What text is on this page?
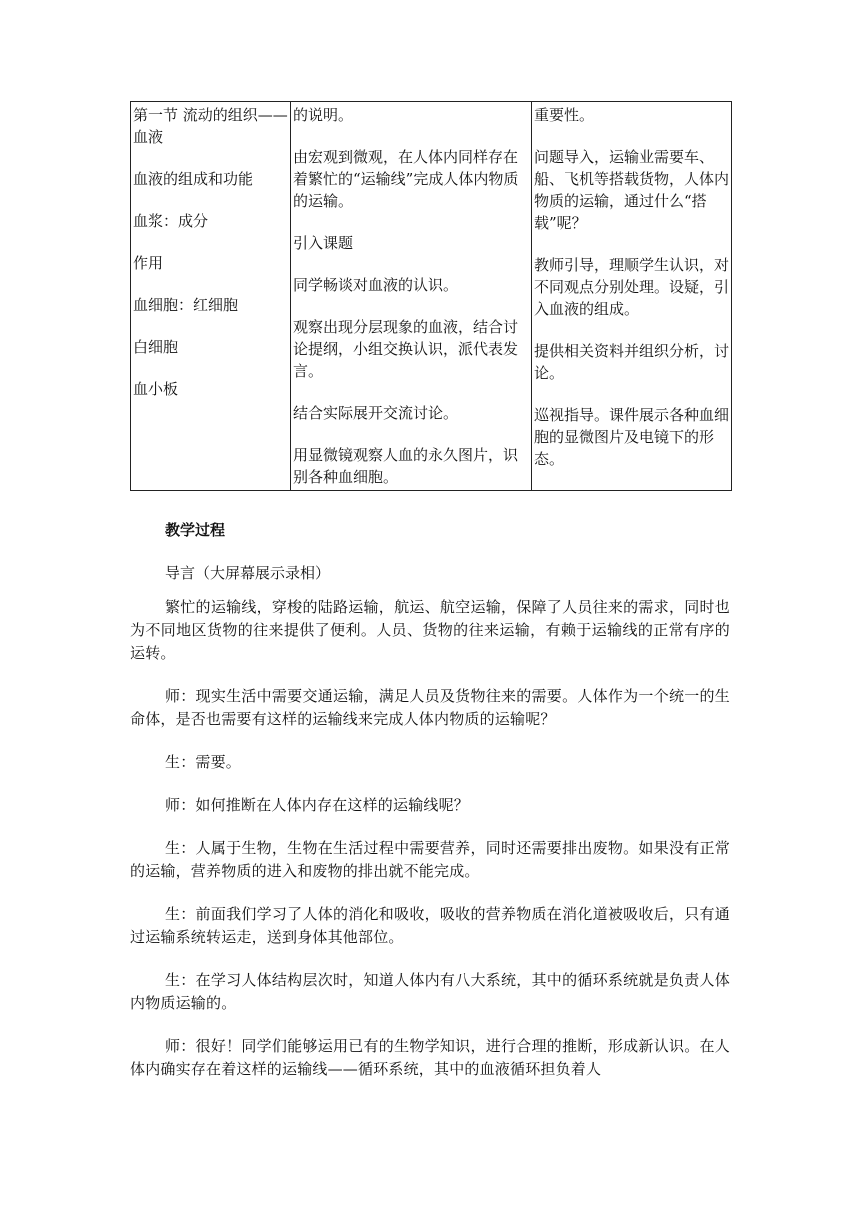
第一节 流动的组织——血液
血液的组成和功能
血浆：成分
作用
血细胞：红细胞
白细胞
血小板

的说明。
由宏观到微观，在人体内同样存在着繁忙的“运输线”完成人体内物质的运输。
引入课题
同学畅谈对血液的认识。
观察出现分层现象的血液，结合讨论提纲，小组交换认识，派代表发言。
结合实际展开交流讨论。
用显微镜观察人血的永久图片，识别各种血细胞。

重要性。
问题导入，运输业需要车、船、飞机等搭载货物，人体内物质的运输，通过什么“搭载”呢？
教师引导，理顺学生认识，对不同观点分别处理。设疑，引入血液的组成。
提供相关资料并组织分析，讨论。
巡视指导。课件展示各种血细胞的显微图片及电镜下的形态。
教学过程
导言（大屏幕展示录相）

繁忙的运输线，穿梭的陆路运输，航运、航空运输，保障了人员往来的需求，同时也为不同地区货物的往来提供了便利。人员、货物的往来运输，有赖于运输线的正常有序的运转。

师：现实生活中需要交通运输，满足人员及货物往来的需要。人体作为一个统一的生命体，是否也需要有这样的运输线来完成人体内物质的运输呢？

生：需要。

师：如何推断在人体内存在这样的运输线呢？

生：人属于生物，生物在生活过程中需要营养，同时还需要排出废物。如果没有正常的运输，营养物质的进入和废物的排出就不能完成。

生：前面我们学习了人体的消化和吸收，吸收的营养物质在消化道被吸收后，只有通过运输系统转运走，送到身体其他部位。

生：在学习人体结构层次时，知道人体内有八大系统，其中的循环系统就是负责人体内物质运输的。

师：很好！同学们能够运用已有的生物学知识，进行合理的推断，形成新认识。在人体内确实存在着这样的运输线——循环系统，其中的血液循环担负着人
